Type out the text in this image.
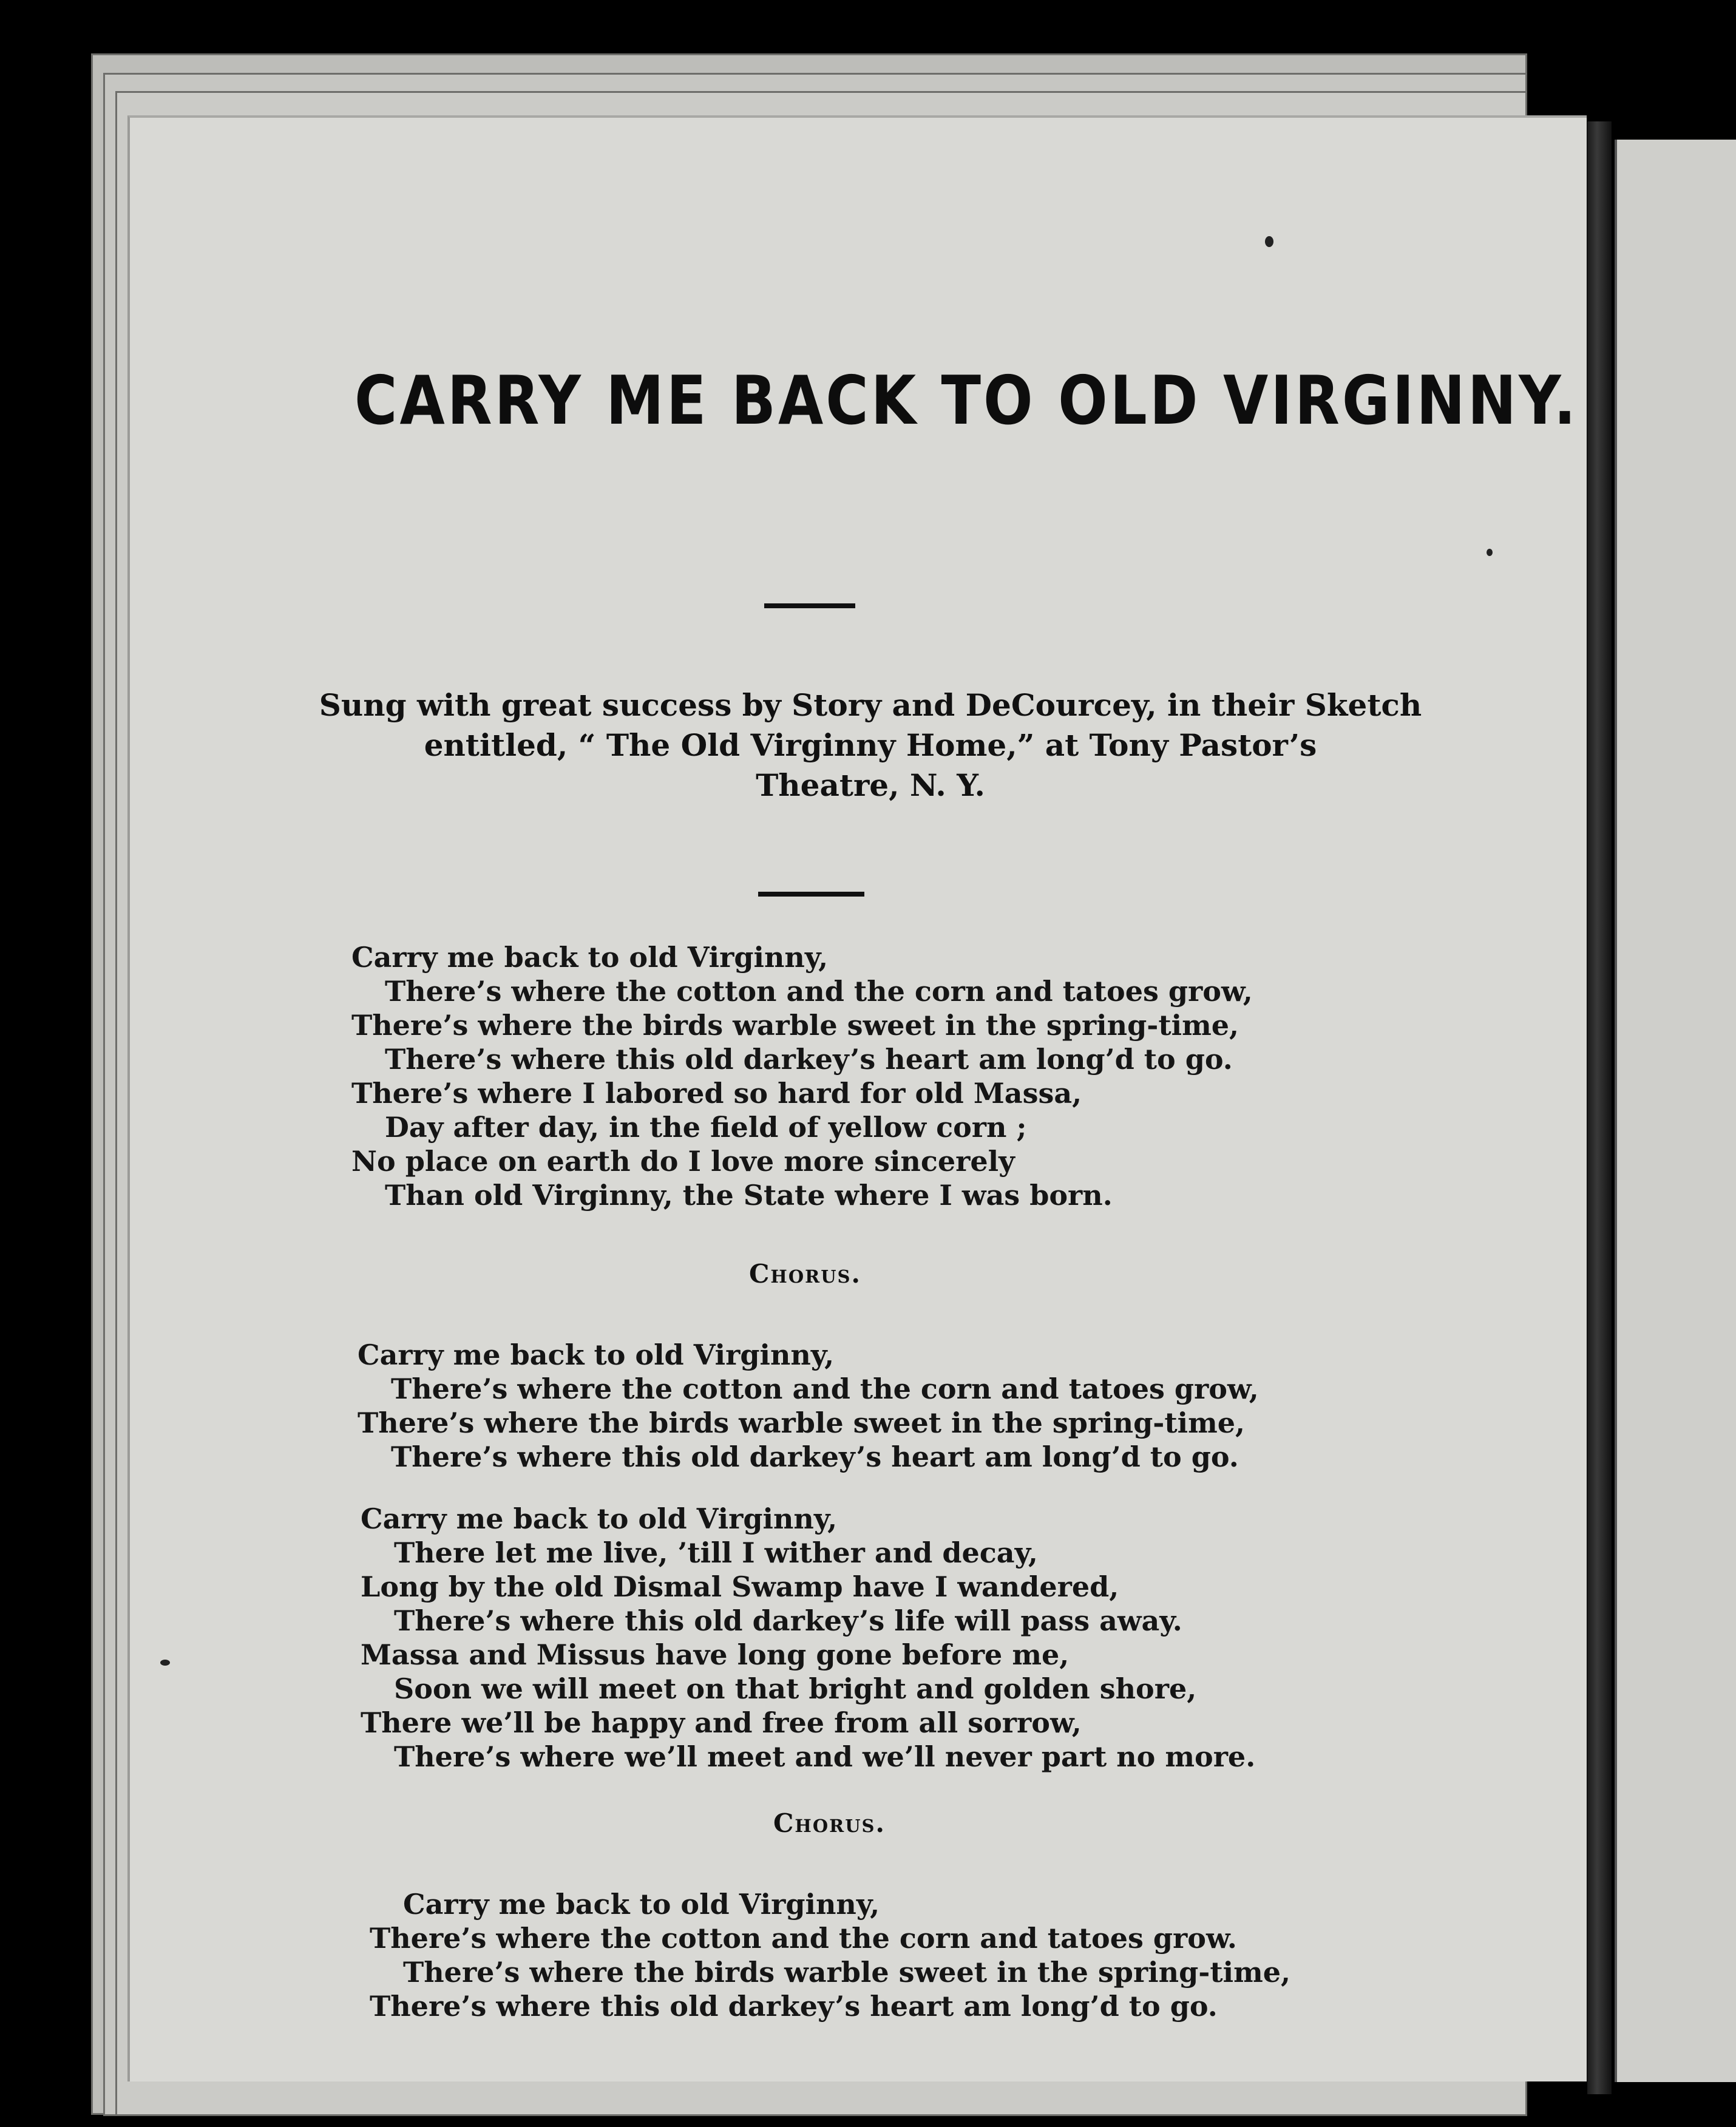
CARRY ME BACK TO OLD VIRGINNY.
Sung with great success by Story and DeCourcey, in their Sketch
entitled, “ The Old Virginny Home,” at Tony Pastor’s
Theatre, N. Y.
Carry me back to old Virginny,
There’s where the cotton and the corn and tatoes grow,
There’s where the birds warble sweet in the spring-time,
There’s where this old darkey’s heart am long’d to go.
There’s where I labored so hard for old Massa,
Day after day, in the field of yellow corn ;
No place on earth do I love more sincerely
Than old Virginny, the State where I was born.
Chorus.
Carry me back to old Virginny,
There’s where the cotton and the corn and tatoes grow,
There’s where the birds warble sweet in the spring-time,
There’s where this old darkey’s heart am long’d to go.
Carry me back to old Virginny,
There let me live, ’till I wither and decay,
Long by the old Dismal Swamp have I wandered,
There’s where this old darkey’s life will pass away.
Massa and Missus have long gone before me,
Soon we will meet on that bright and golden shore,
There we’ll be happy and free from all sorrow,
There’s where we’ll meet and we’ll never part no more.
Chorus.
Carry me back to old Virginny,
There’s where the cotton and the corn and tatoes grow.
There’s where the birds warble sweet in the spring-time,
There’s where this old darkey’s heart am long’d to go.
